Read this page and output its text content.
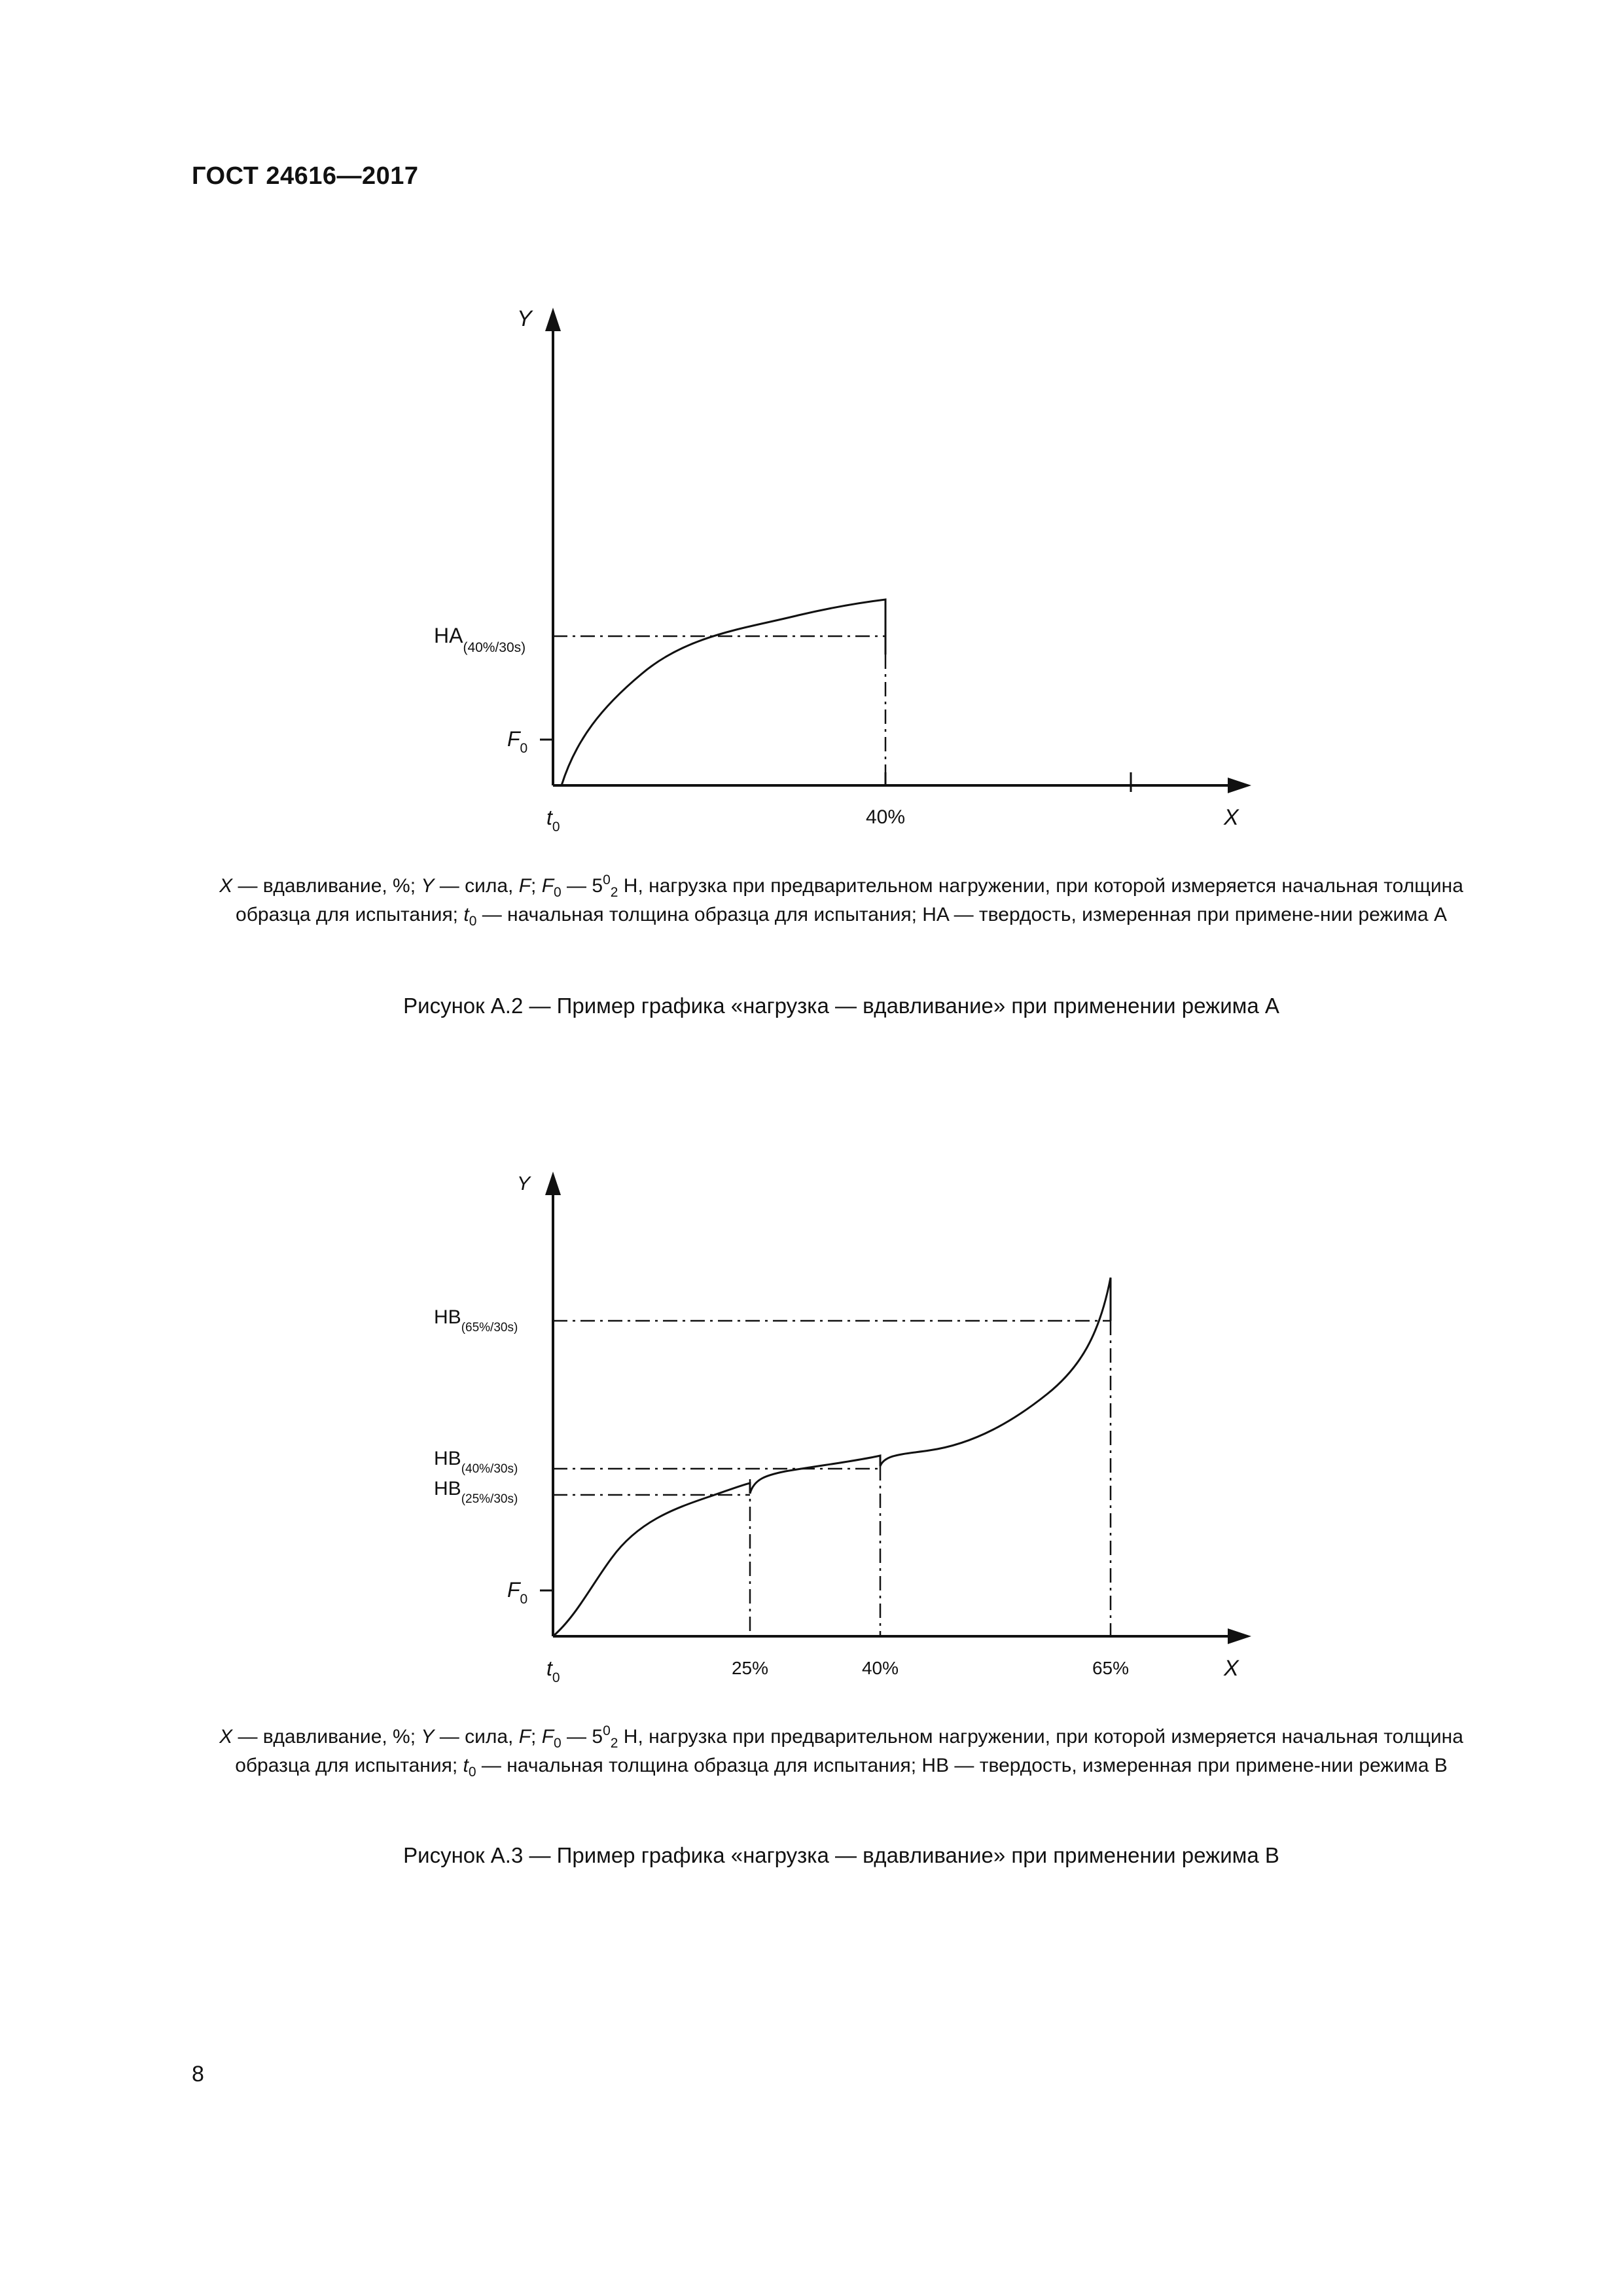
ГОСТ 24616—2017
Y
X
$HA_{(40\%/30s)}$
$F_0$
$t_0$	40%
X — вдавливание, %; Y — сила, F; $F_0$ — $5^0_2$ Н, нагрузка при предварительном нагружении, при которой измеряется начальная толщина образца для испытания; $t_0$ — начальная толщина образца для испытания; HA — твердость, измеренная при примене-нии режима А
Рисунок А.2 — Пример графика «нагрузка — вдавливание» при применении режима А
Y
X
$HB_{(65\%/30s)}$
$HB_{(40\%/30s)}$
$HB_{(25\%/30s)}$
$F_0$
$t_0$	25%	40%	65%
X — вдавливание, %; Y — сила, F; $F_0$ — $5^0_2$ Н, нагрузка при предварительном нагружении, при которой измеряется начальная толщина образца для испытания; $t_0$ — начальная толщина образца для испытания; HB — твердость, измеренная при примене-нии режима В
Рисунок А.3 — Пример графика «нагрузка — вдавливание» при применении режима В
8
